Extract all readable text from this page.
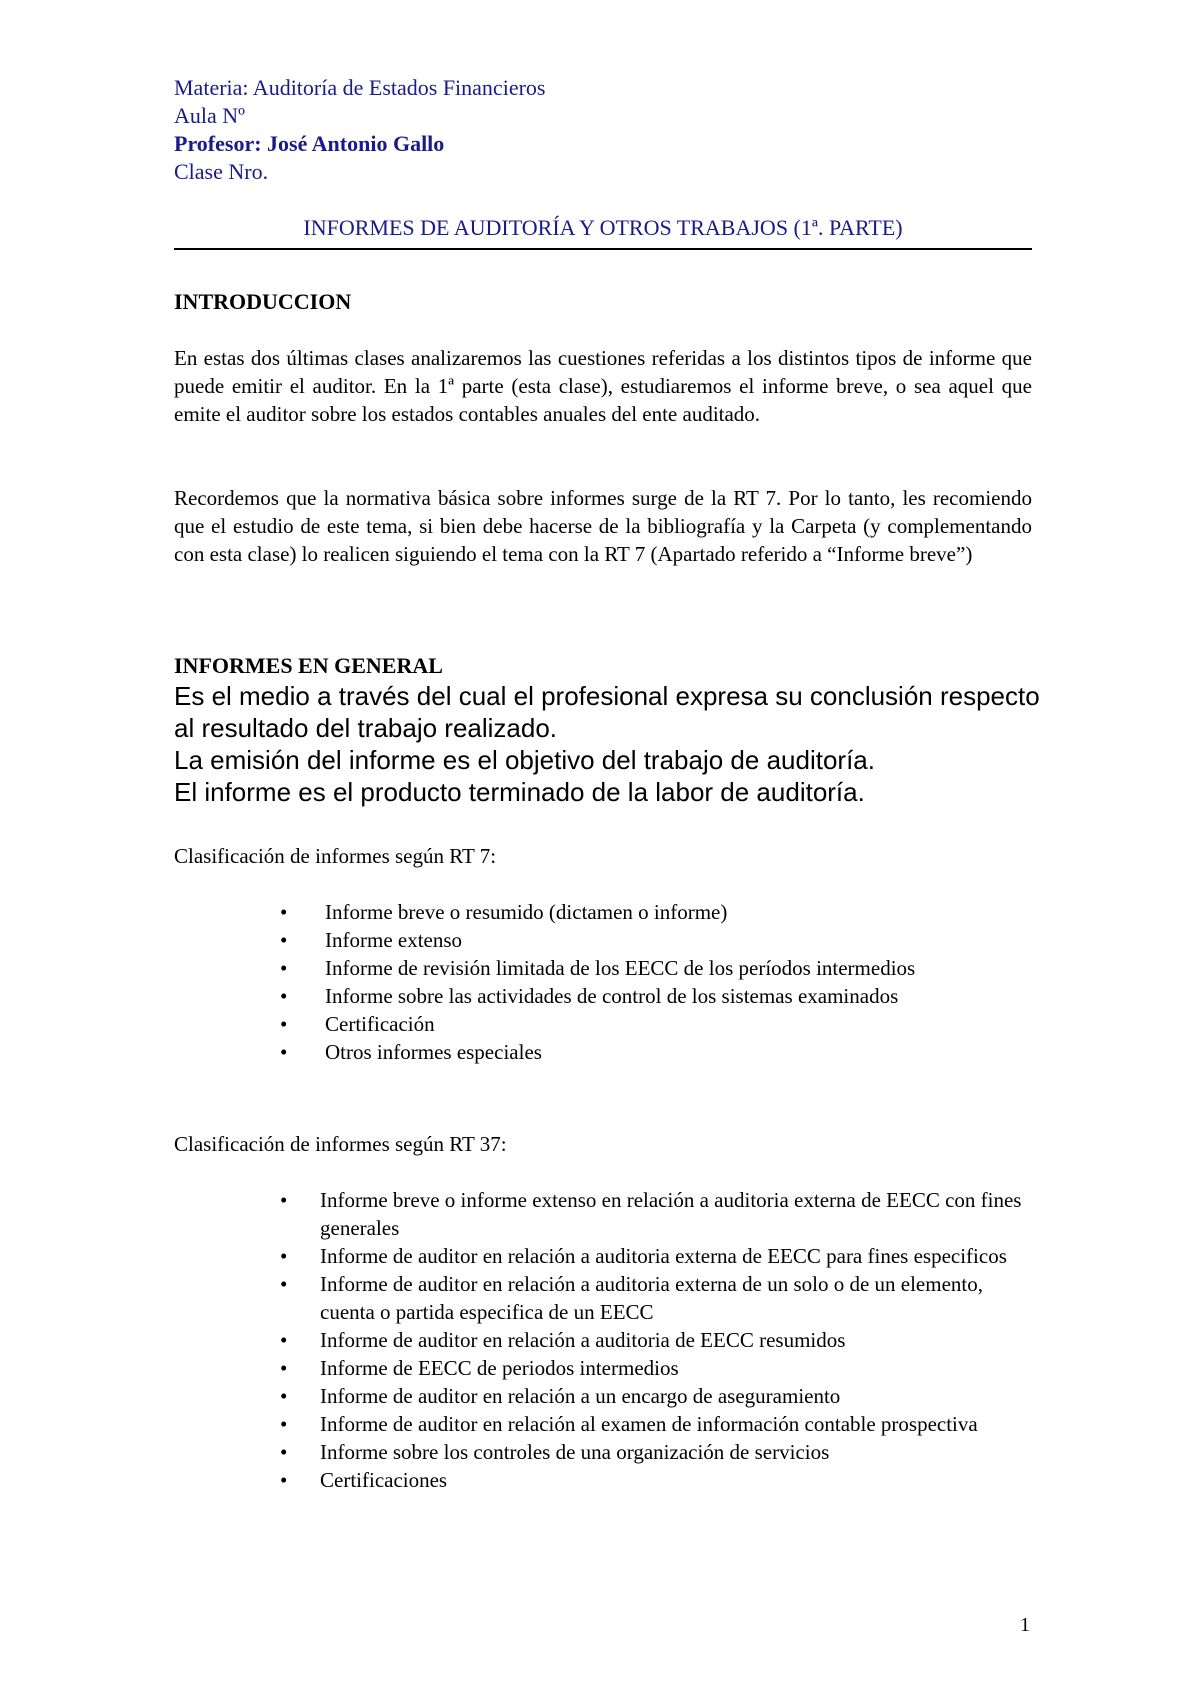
Materia: Auditoría de Estados Financieros
Aula Nº
Profesor: José Antonio Gallo
Clase Nro.
INFORMES DE AUDITORÍA Y OTROS TRABAJOS (1ª. PARTE)
INTRODUCCION
En estas dos últimas clases analizaremos las cuestiones referidas a los distintos tipos de informe que puede emitir el auditor. En la 1ª parte (esta clase), estudiaremos el informe breve, o sea aquel que emite el auditor sobre los estados contables anuales del ente auditado.
Recordemos que la normativa básica sobre informes surge de la RT 7. Por lo tanto, les recomiendo que el estudio de este tema, si bien debe hacerse de la bibliografía y la Carpeta (y complementando con esta clase) lo realicen siguiendo el tema con la RT 7 (Apartado referido a “Informe breve”)
INFORMES EN GENERAL
Es el medio a través del cual el profesional expresa su conclusión respecto
al resultado del trabajo realizado.
La emisión del informe es el objetivo del trabajo de auditoría.
El informe es el producto terminado de la labor de auditoría.
Clasificación de informes según RT 7:
• Informe breve o resumido (dictamen o informe)
• Informe extenso
• Informe de revisión limitada de los EECC de los períodos intermedios
• Informe sobre las actividades de control de los sistemas examinados
• Certificación
• Otros informes especiales
Clasificación de informes según RT 37:
• Informe breve o informe extenso en relación a auditoria externa de EECC con fines generales
• Informe de auditor en relación a auditoria externa de EECC para fines especificos
• Informe de auditor en relación a auditoria externa de un solo o de un elemento, cuenta o partida especifica de un EECC
• Informe de auditor en relación a auditoria de EECC resumidos
• Informe de EECC de periodos intermedios
• Informe de auditor en relación a un encargo de aseguramiento
• Informe de auditor en relación al examen de información contable prospectiva
• Informe sobre los controles de una organización de servicios
• Certificaciones
1
